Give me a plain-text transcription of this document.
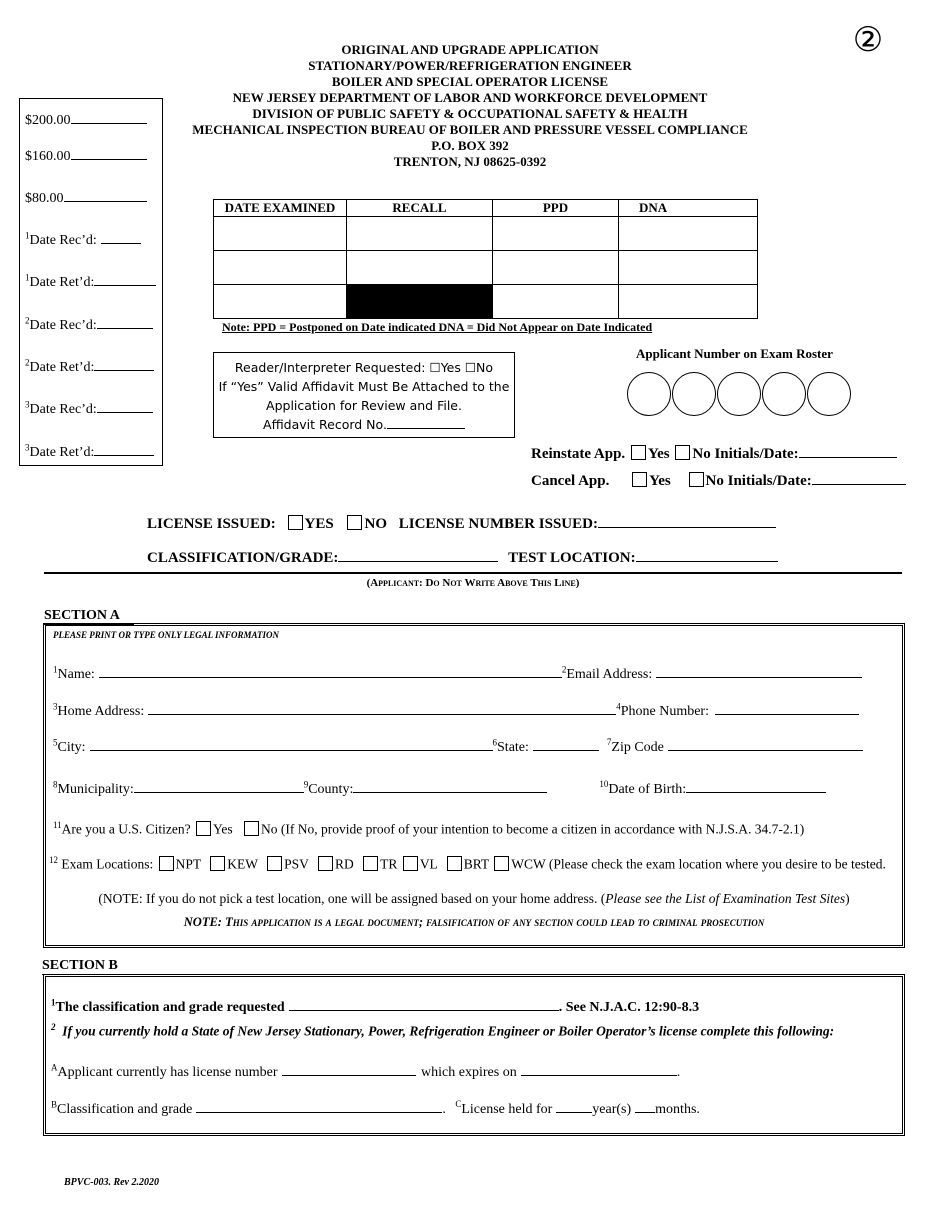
②
ORIGINAL AND UPGRADE APPLICATION
STATIONARY/POWER/REFRIGERATION ENGINEER
BOILER AND SPECIAL OPERATOR LICENSE
NEW JERSEY DEPARTMENT OF LABOR AND WORKFORCE DEVELOPMENT
DIVISION OF PUBLIC SAFETY & OCCUPATIONAL SAFETY & HEALTH
MECHANICAL INSPECTION BUREAU OF BOILER AND PRESSURE VESSEL COMPLIANCE
P.O. BOX 392
TRENTON, NJ 08625-0392
$200.00
$160.00
$80.00
$^1$Date Rec’d:
$^1$Date Ret’d:
$^2$Date Rec’d:
$^2$Date Ret’d:
$^3$Date Rec’d:
$^3$Date Ret’d:
DATE EXAMINED	RECALL	PPD	DNA

Note: PPD = Postponed on Date indicated DNA = Did Not Appear on Date Indicated
Reader/Interpreter Requested: ☐Yes ☐No
If “Yes” Valid Affidavit Must Be Attached to the
Application for Review and File.
Affidavit Record No.
Applicant Number on Exam Roster
Reinstate App. Yes No Initials/Date:
Cancel App.	Yes No Initials/Date:
LICENSE ISSUED: YES NO LICENSE NUMBER ISSUED:
CLASSIFICATION/GRADE:	TEST LOCATION:
(Applicant: Do Not Write Above This Line)
SECTION A
PLEASE PRINT OR TYPE ONLY LEGAL INFORMATION
$^1$Name:	$^2$Email Address:
$^3$Home Address:	$^4$Phone Number:
$^5$City:	$^6$State:	$^7$Zip Code
$^8$Municipality:	$^9$County:	$^{10}$Date of Birth:
$^{11}$Are you a U.S. Citizen? Yes No (If No, provide proof of your intention to become a citizen in accordance with N.J.S.A. 34.7-2.1)
$^{12}$ Exam Locations: NPT KEW PSV RD TR VL BRT WCW (Please check the exam location where you desire to be tested.
(NOTE: If you do not pick a test location, one will be assigned based on your home address. (Please see the List of Examination Test Sites)
NOTE: This application is a legal document; falsification of any section could lead to criminal prosecution
SECTION B
$^1$The classification and grade requested	. See N.J.A.C. 12:90-8.3
$^2$ If you currently hold a State of New Jersey Stationary, Power, Refrigeration Engineer or Boiler Operator’s license complete this following:
$^A$Applicant currently has license number	which expires on	.
$^B$Classification and grade	. $^C$License held for	year(s) months.
BPVC-003. Rev 2.2020
